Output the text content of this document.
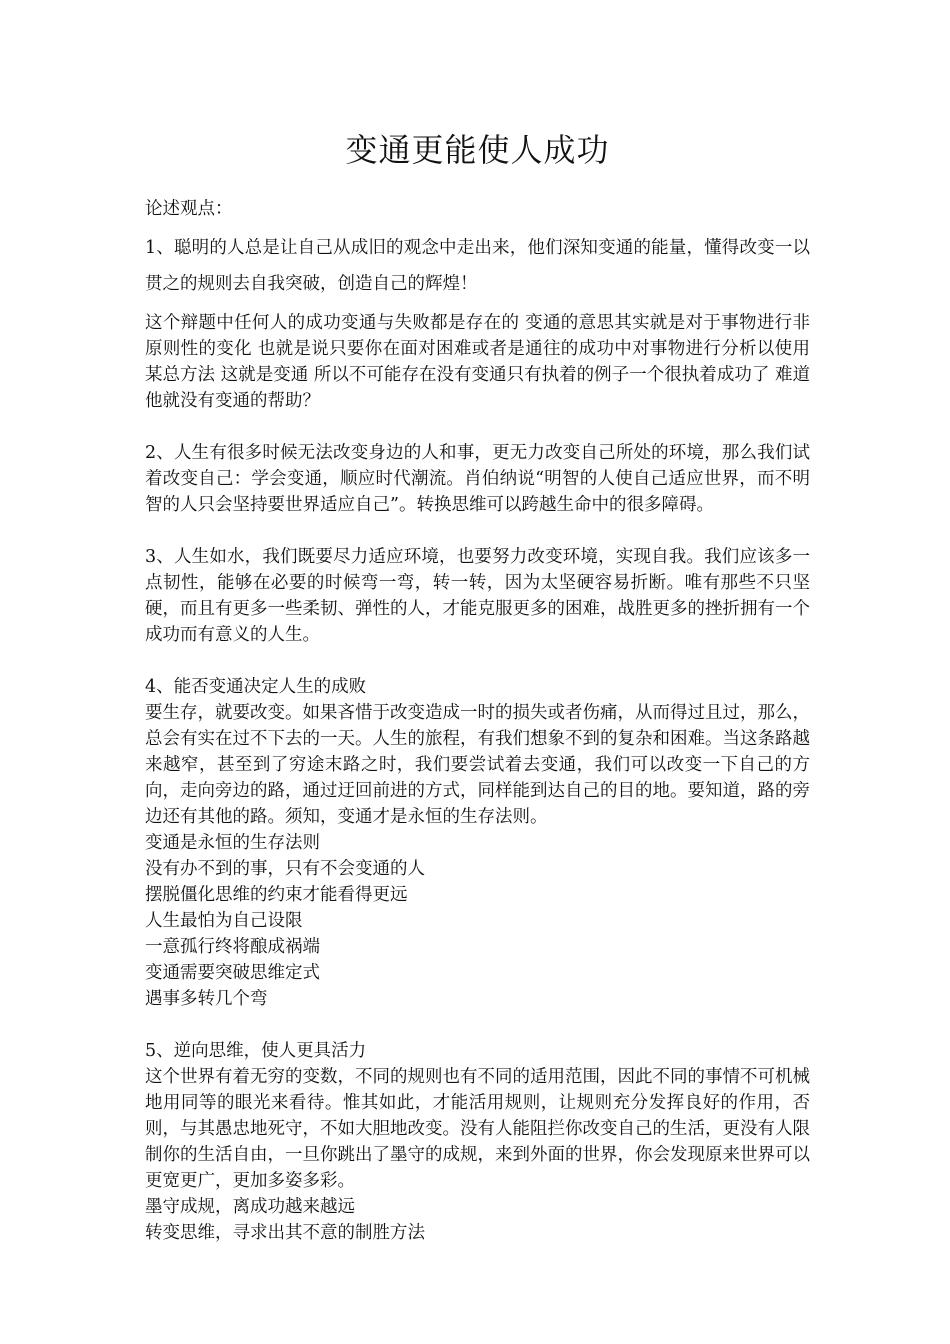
变通更能使人成功

论述观点：

1、聪明的人总是让自己从成旧的观念中走出来，他们深知变通的能量，懂得改变一以贯之的规则去自我突破，创造自己的辉煌！

这个辩题中任何人的成功变通与失败都是存在的 变通的意思其实就是对于事物进行非原则性的变化 也就是说只要你在面对困难或者是通往的成功中对事物进行分析以使用某总方法 这就是变通 所以不可能存在没有变通只有执着的例子一个很执着成功了 难道他就没有变通的帮助？

2、人生有很多时候无法改变身边的人和事，更无力改变自己所处的环境，那么我们试着改变自己：学会变通，顺应时代潮流。肖伯纳说“明智的人使自己适应世界，而不明智的人只会坚持要世界适应自己”。转换思维可以跨越生命中的很多障碍。

3、人生如水，我们既要尽力适应环境，也要努力改变环境，实现自我。我们应该多一点韧性，能够在必要的时候弯一弯，转一转，因为太坚硬容易折断。唯有那些不只坚硬，而且有更多一些柔韧、弹性的人，才能克服更多的困难，战胜更多的挫折拥有一个成功而有意义的人生。

4、能否变通决定人生的成败

要生存，就要改变。如果吝惜于改变造成一时的损失或者伤痛，从而得过且过，那么，总会有实在过不下去的一天。人生的旅程，有我们想象不到的复杂和困难。当这条路越来越窄，甚至到了穷途末路之时，我们要尝试着去变通，我们可以改变一下自己的方向，走向旁边的路，通过迂回前进的方式，同样能到达自己的目的地。要知道，路的旁边还有其他的路。须知，变通才是永恒的生存法则。

变通是永恒的生存法则

没有办不到的事，只有不会变通的人

摆脱僵化思维的约束才能看得更远

人生最怕为自己设限

一意孤行终将酿成祸端

变通需要突破思维定式

遇事多转几个弯

5、逆向思维，使人更具活力

这个世界有着无穷的变数，不同的规则也有不同的适用范围，因此不同的事情不可机械地用同等的眼光来看待。惟其如此，才能活用规则，让规则充分发挥良好的作用，否则，与其愚忠地死守，不如大胆地改变。没有人能阻拦你改变自己的生活，更没有人限制你的生活自由，一旦你跳出了墨守的成规，来到外面的世界，你会发现原来世界可以更宽更广，更加多姿多彩。

墨守成规，离成功越来越远

转变思维，寻求出其不意的制胜方法
